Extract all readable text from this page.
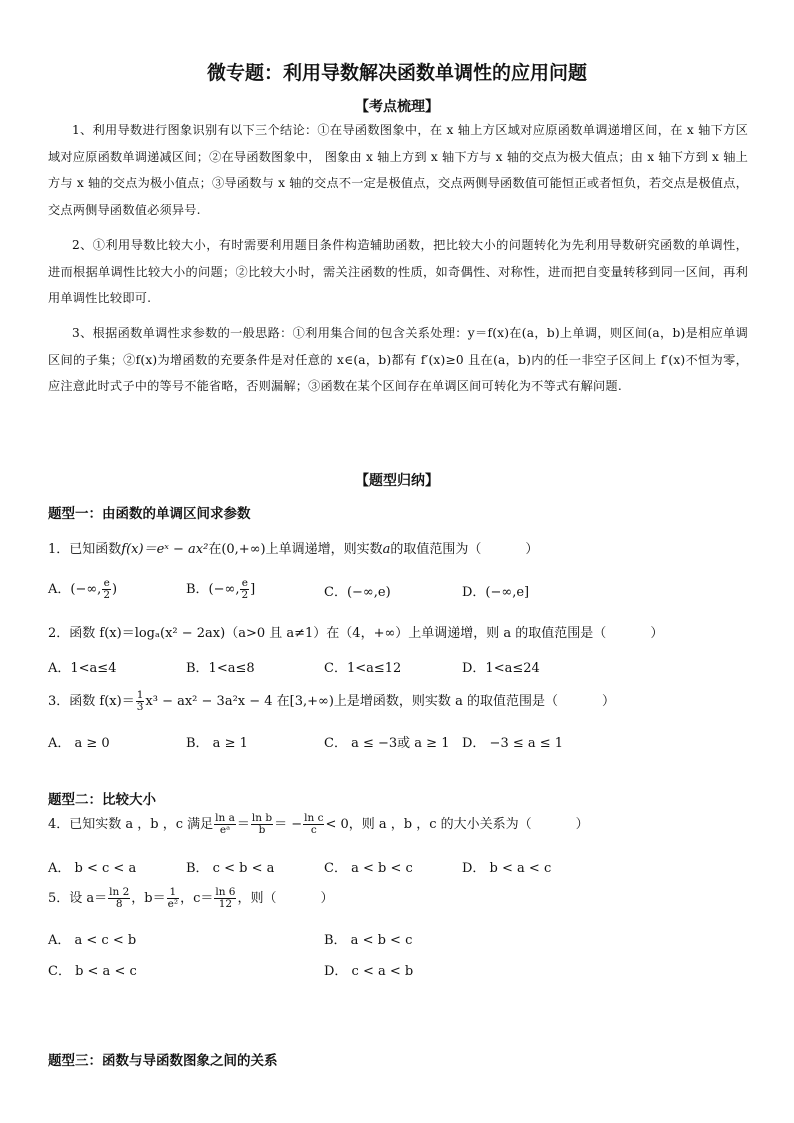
微专题：利用导数解决函数单调性的应用问题
【考点梳理】
1、利用导数进行图象识别有以下三个结论：①在导函数图象中，在 x 轴上方区域对应原函数单调递增区间，在 x 轴下方区域对应原函数单调递减区间；②在导函数图象中， 图象由 x 轴上方到 x 轴下方与 x 轴的交点为极大值点；由 x 轴下方到 x 轴上方与 x 轴的交点为极小值点；③导函数与 x 轴的交点不一定是极值点，交点两侧导函数值可能恒正或者恒负，若交点是极值点，交点两侧导函数值必须异号.
2、①利用导数比较大小，有时需要利用题目条件构造辅助函数，把比较大小的问题转化为先利用导数研究函数的单调性，进而根据单调性比较大小的问题；②比较大小时，需关注函数的性质，如奇偶性、对称性，进而把自变量转移到同一区间，再利用单调性比较即可.
3、根据函数单调性求参数的一般思路：①利用集合间的包含关系处理：y＝f(x)在(a，b)上单调，则区间(a，b)是相应单调区间的子集；②f(x)为增函数的充要条件是对任意的 x∈(a，b)都有 f′(x)≥0 且在(a，b)内的任一非空子区间上 f′(x)不恒为零，应注意此时式子中的等号不能省略，否则漏解；③函数在某个区间存在单调区间可转化为不等式有解问题.
【题型归纳】
题型一：由函数的单调区间求参数
1．已知函数f(x)＝eˣ − ax²在(0,+∞)上单调递增，则实数a的取值范围为（	）
A．(−∞, $\frac{e}{2}$ )	B．(−∞, $\frac{e}{2}$ ]	C．(−∞,e)	D．(−∞,e]
2．函数 f(x)＝logₐ(x² − 2ax)（a>0 且 a≠1）在（4，+∞）上单调递增，则 a 的取值范围是（	）
A．1<a≤4	B．1<a≤8	C．1<a≤12	D．1<a≤24
3．函数 $f(x)= \frac{1}{3} x^3 - ax^2 - 3a^2x - 4$ 在[3,+∞)上是增函数，则实数 a 的取值范围是（	）
A． a ≥ 0	B． a ≥ 1	C． a ≤ −3或 a ≥ 1 D． −3 ≤ a ≤ 1
题型二：比较大小
4．已知实数 a ，b ，c 满足 $\frac{\text{ln a}}{\text{eᵃ}} = \frac{\text{ln b}}{b}$ ＝ − $\frac{\text{ln c}}{c} < 0$，则 a ，b ，c 的大小关系为（	）
A． b < c < a	B． c < b < a	C． a < b < c	D． b < a < c
5．设 $a= \frac{\ln 2}{8}$ ，$b= \frac{1}{\text{e²}}$ ，$c= \frac{\ln 6}{12}$ ，则（	）
A． a < c < b	B． a < b < c
C． b < a < c	D． c < a < b
题型三：函数与导函数图象之间的关系
